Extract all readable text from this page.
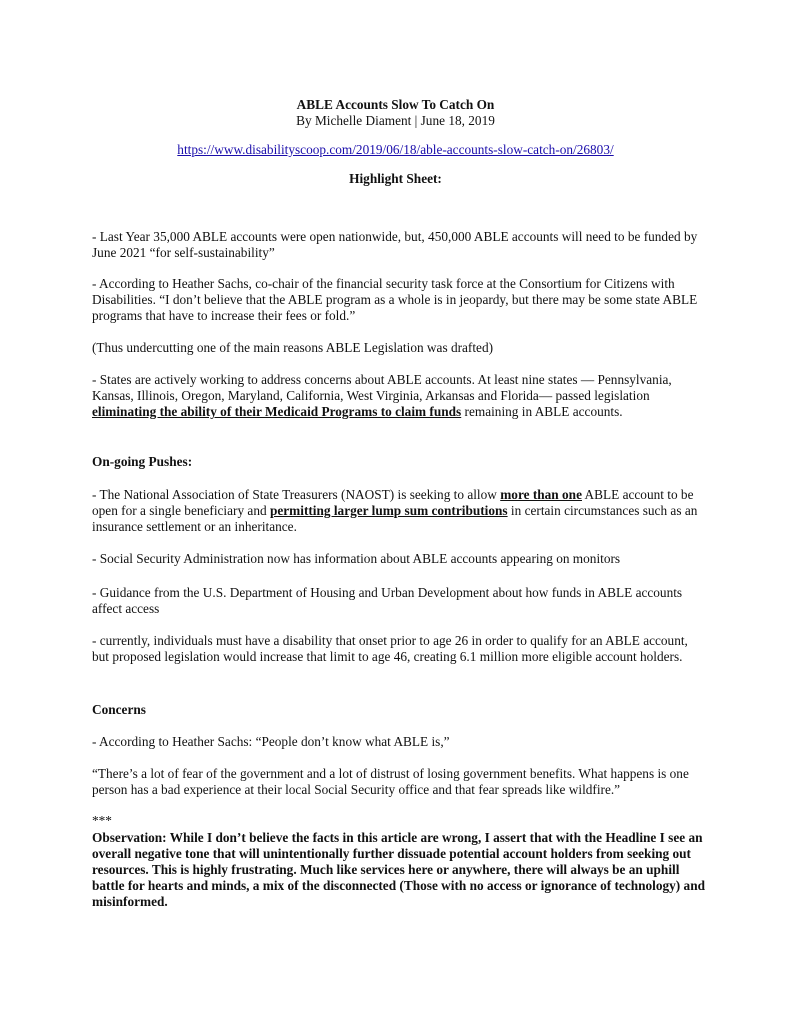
ABLE Accounts Slow To Catch On
By Michelle Diament | June 18, 2019
https://www.disabilityscoop.com/2019/06/18/able-accounts-slow-catch-on/26803/
Highlight Sheet:

- Last Year 35,000 ABLE accounts were open nationwide, but, 450,000 ABLE accounts will need to be funded by June 2021 “for self-sustainability”

- According to Heather Sachs, co-chair of the financial security task force at the Consortium for Citizens with Disabilities. “I don’t believe that the ABLE program as a whole is in jeopardy, but there may be some state ABLE programs that have to increase their fees or fold.”

(Thus undercutting one of the main reasons ABLE Legislation was drafted)

- States are actively working to address concerns about ABLE accounts. At least nine states — Pennsylvania, Kansas, Illinois, Oregon, Maryland, California, West Virginia, Arkansas and Florida— passed legislation eliminating the ability of their Medicaid Programs to claim funds remaining in ABLE accounts.

On-going Pushes:

- The National Association of State Treasurers (NAOST) is seeking to allow more than one ABLE account to be open for a single beneficiary and permitting larger lump sum contributions in certain circumstances such as an insurance settlement or an inheritance.

- Social Security Administration now has information about ABLE accounts appearing on monitors

- Guidance from the U.S. Department of Housing and Urban Development about how funds in ABLE accounts affect access

- currently, individuals must have a disability that onset prior to age 26 in order to qualify for an ABLE account, but proposed legislation would increase that limit to age 46, creating 6.1 million more eligible account holders.

Concerns

- According to Heather Sachs: “People don’t know what ABLE is,”

“There’s a lot of fear of the government and a lot of distrust of losing government benefits. What happens is one person has a bad experience at their local Social Security office and that fear spreads like wildfire.”

***

Observation: While I don’t believe the facts in this article are wrong, I assert that with the Headline I see an overall negative tone that will unintentionally further dissuade potential account holders from seeking out resources. This is highly frustrating. Much like services here or anywhere, there will always be an uphill battle for hearts and minds, a mix of the disconnected (Those with no access or ignorance of technology) and misinformed.
